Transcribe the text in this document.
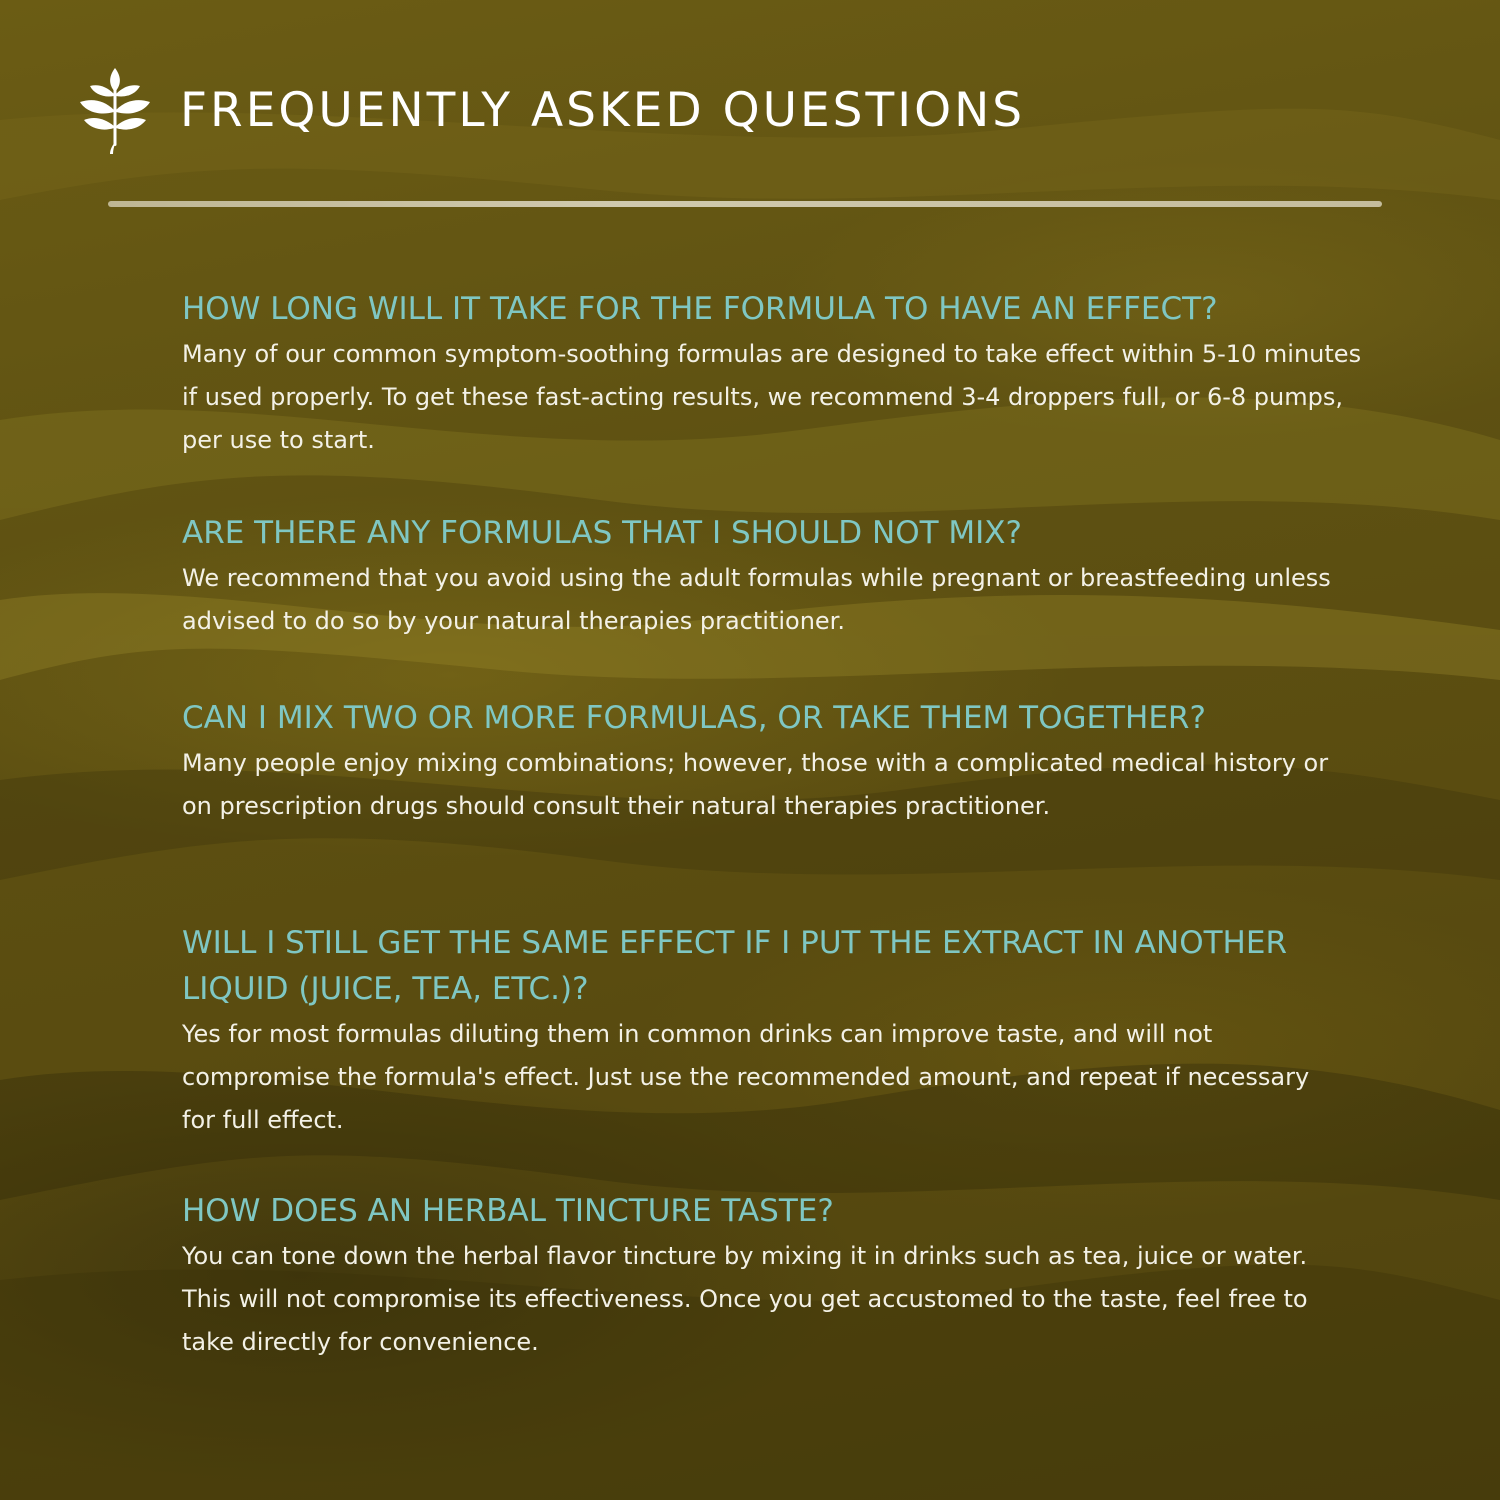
FREQUENTLY ASKED QUESTIONS
HOW LONG WILL IT TAKE FOR THE FORMULA TO HAVE AN EFFECT?
Many of our common symptom-soothing formulas are designed to take effect within 5-10 minutes if used properly. To get these fast-acting results, we recommend 3-4 droppers full, or 6-8 pumps, per use to start.
ARE THERE ANY FORMULAS THAT I SHOULD NOT MIX?
We recommend that you avoid using the adult formulas while pregnant or breastfeeding unless advised to do so by your natural therapies practitioner.
CAN I MIX TWO OR MORE FORMULAS, OR TAKE THEM TOGETHER?
Many people enjoy mixing combinations; however, those with a complicated medical history or on prescription drugs should consult their natural therapies practitioner.
WILL I STILL GET THE SAME EFFECT IF I PUT THE EXTRACT IN ANOTHER LIQUID (JUICE, TEA, ETC.)?
Yes for most formulas diluting them in common drinks can improve taste, and will not compromise the formula's effect. Just use the recommended amount, and repeat if necessary for full effect.
HOW DOES AN HERBAL TINCTURE TASTE?
You can tone down the herbal flavor tincture by mixing it in drinks such as tea, juice or water. This will not compromise its effectiveness. Once you get accustomed to the taste, feel free to take directly for convenience.
